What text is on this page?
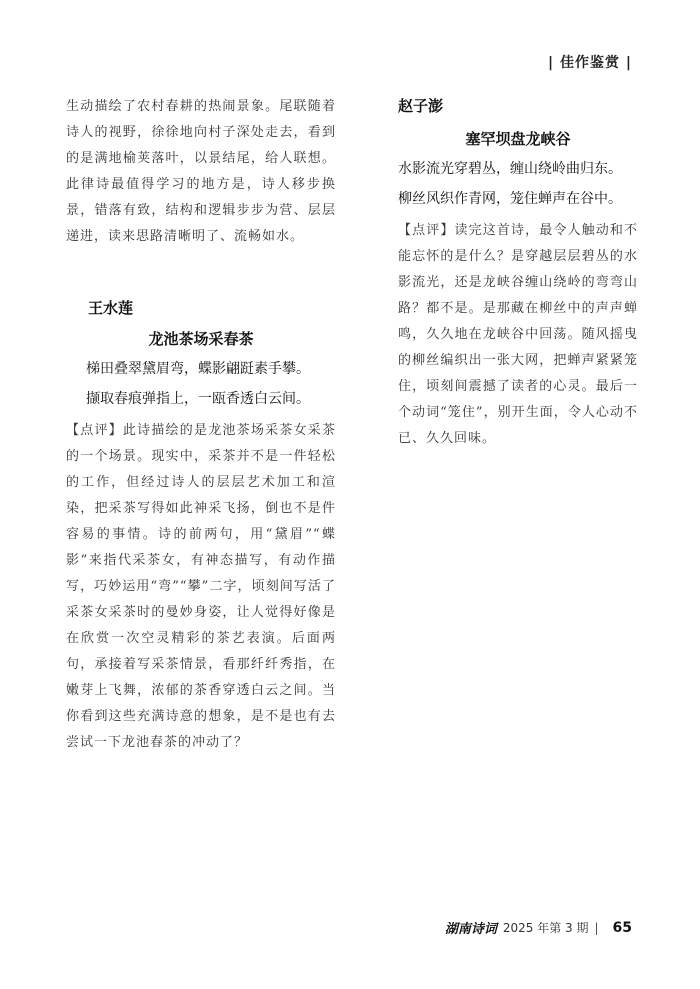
| 佳作鉴赏 |

生动描绘了农村春耕的热闹景象。尾联随着诗人的视野，徐徐地向村子深处走去，看到的是满地榆荚落叶，以景结尾，给人联想。此律诗最值得学习的地方是，诗人移步换景，错落有致，结构和逻辑步步为营、层层递进，读来思路清晰明了、流畅如水。

王水莲

龙池茶场采春茶

梯田叠翠黛眉弯，蝶影翩跹素手攀。

撷取春痕弹指上，一瓯香透白云间。

【点评】此诗描绘的是龙池茶场采茶女采茶的一个场景。现实中，采茶并不是一件轻松的工作，但经过诗人的层层艺术加工和渲染，把采茶写得如此神采飞扬，倒也不是件容易的事情。诗的前两句，用“黛眉”“蝶影”来指代采茶女，有神态描写，有动作描写，巧妙运用“弯”“攀”二字，顷刻间写活了采茶女采茶时的曼妙身姿，让人觉得好像是在欣赏一次空灵精彩的茶艺表演。后面两句，承接着写采茶情景，看那纤纤秀指，在嫩芽上飞舞，浓郁的茶香穿透白云之间。当你看到这些充满诗意的想象，是不是也有去尝试一下龙池春茶的冲动了？

赵子澎

塞罕坝盘龙峡谷

水影流光穿碧丛，缠山绕岭曲归东。

柳丝风织作青网，笼住蝉声在谷中。

【点评】读完这首诗，最令人触动和不能忘怀的是什么？是穿越层层碧丛的水影流光，还是龙峡谷缠山绕岭的弯弯山路？都不是。是那藏在柳丝中的声声蝉鸣，久久地在龙峡谷中回荡。随风摇曳的柳丝编织出一张大网，把蝉声紧紧笼住，顷刻间震撼了读者的心灵。最后一个动词“笼住”，别开生面，令人心动不已、久久回味。

湖南诗词 2025 年第 3 期 | 65
